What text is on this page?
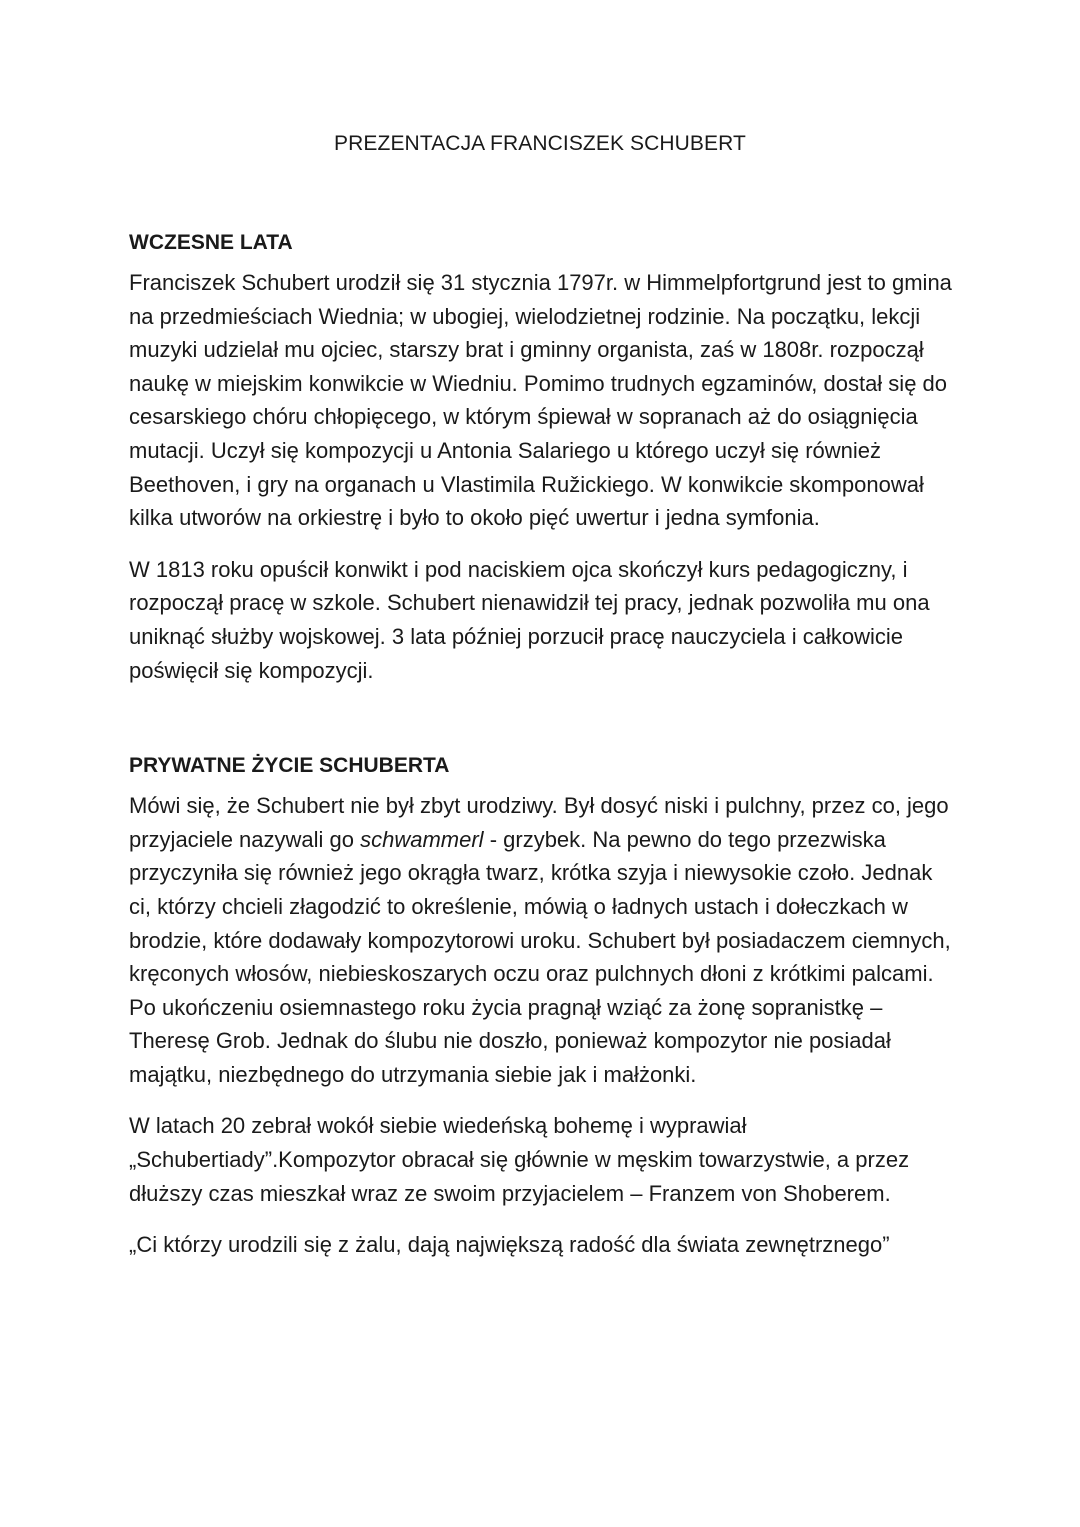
PREZENTACJA FRANCISZEK SCHUBERT
WCZESNE LATA

Franciszek Schubert urodził się 31 stycznia 1797r. w Himmelpfortgrund jest to gmina na przedmieściach Wiednia; w ubogiej, wielodzietnej rodzinie. Na początku, lekcji muzyki udzielał mu ojciec, starszy brat i gminny organista, zaś w 1808r. rozpoczął naukę w miejskim konwikcie w Wiedniu. Pomimo trudnych egzaminów, dostał się do cesarskiego chóru chłopięcego, w którym śpiewał w sopranach aż do osiągnięcia mutacji. Uczył się kompozycji u Antonia Salariego u którego uczył się również Beethoven, i gry na organach u Vlastimila Ružickiego. W konwikcie skomponował kilka utworów na orkiestrę i było to około pięć uwertur i jedna symfonia.

W 1813 roku opuścił konwikt i pod naciskiem ojca skończył kurs pedagogiczny, i rozpoczął pracę w szkole. Schubert nienawidził tej pracy, jednak pozwoliła mu ona uniknąć służby wojskowej. 3 lata później porzucił pracę nauczyciela i całkowicie poświęcił się kompozycji.

PRYWATNE ŻYCIE SCHUBERTA

Mówi się, że Schubert nie był zbyt urodziwy. Był dosyć niski i pulchny, przez co, jego przyjaciele nazywali go schwammerl - grzybek. Na pewno do tego przezwiska przyczyniła się również jego okrągła twarz, krótka szyja i niewysokie czoło. Jednak ci, którzy chcieli złagodzić to określenie, mówią o ładnych ustach i dołeczkach w brodzie, które dodawały kompozytorowi uroku. Schubert był posiadaczem ciemnych, kręconych włosów, niebieskoszarych oczu oraz pulchnych dłoni z krótkimi palcami. Po ukończeniu osiemnastego roku życia pragnął wziąć za żonę sopranistkę – Theresę Grob. Jednak do ślubu nie doszło, ponieważ kompozytor nie posiadał majątku, niezbędnego do utrzymania siebie jak i małżonki.

W latach 20 zebrał wokół siebie wiedeńską bohemę i wyprawiał „Schubertiady”.Kompozytor obracał się głównie w męskim towarzystwie, a przez dłuższy czas mieszkał wraz ze swoim przyjacielem – Franzem von Shoberem.

„Ci którzy urodzili się z żalu, dają największą radość dla świata zewnętrznego”
